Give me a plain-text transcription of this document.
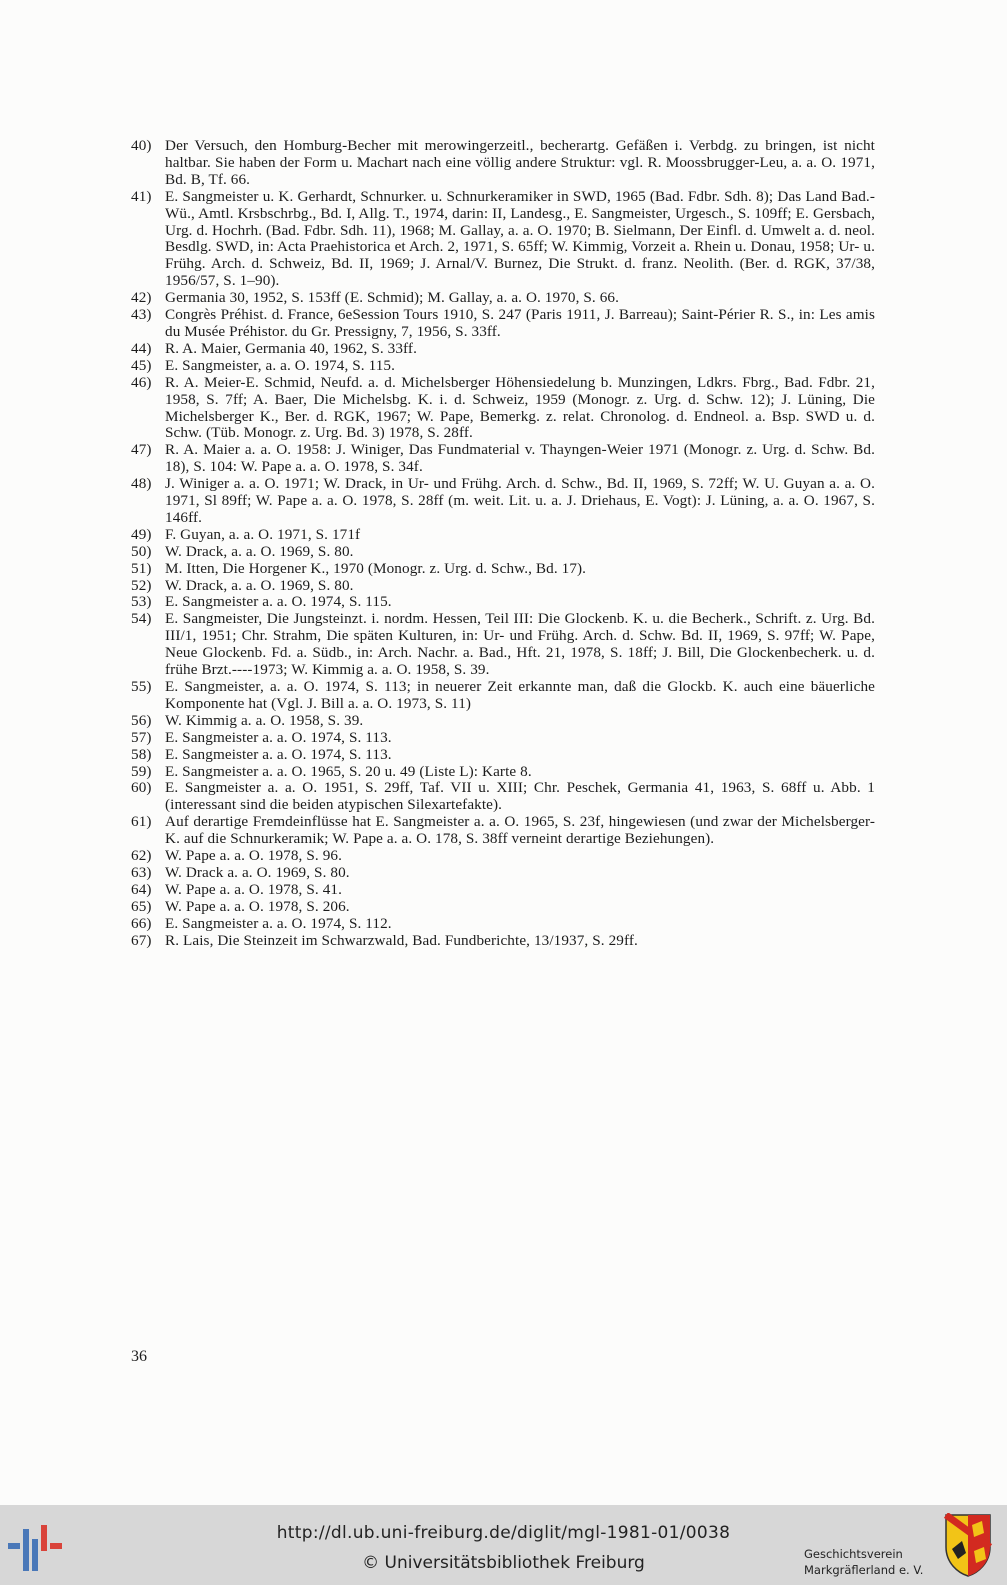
40) Der Versuch, den Homburg-Becher mit merowingerzeitl., becherartg. Gefäßen i. Verbdg. zu bringen, ist nicht haltbar. Sie haben der Form u. Machart nach eine völlig andere Struktur: vgl. R. Moossbrugger-Leu, a. a. O. 1971, Bd. B, Tf. 66.
41) E. Sangmeister u. K. Gerhardt, Schnurker. u. Schnurkeramiker in SWD, 1965 (Bad. Fdbr. Sdh. 8); Das Land Bad.-Wü., Amtl. Krsbschrbg., Bd. I, Allg. T., 1974, darin: II, Landesg., E. Sangmeister, Urgesch., S. 109ff; E. Gersbach, Urg. d. Hochrh. (Bad. Fdbr. Sdh. 11), 1968; M. Gallay, a. a. O. 1970; B. Sielmann, Der Einfl. d. Umwelt a. d. neol. Besdlg. SWD, in: Acta Praehistorica et Arch. 2, 1971, S. 65ff; W. Kimmig, Vorzeit a. Rhein u. Donau, 1958; Ur- u. Frühg. Arch. d. Schweiz, Bd. II, 1969; J. Arnal/V. Burnez, Die Strukt. d. franz. Neolith. (Ber. d. RGK, 37/38, 1956/57, S. 1–90).
42) Germania 30, 1952, S. 153ff (E. Schmid); M. Gallay, a. a. O. 1970, S. 66.
43) Congrès Préhist. d. France, 6eSession Tours 1910, S. 247 (Paris 1911, J. Barreau); Saint-Périer R. S., in: Les amis du Musée Préhistor. du Gr. Pressigny, 7, 1956, S. 33ff.
44) R. A. Maier, Germania 40, 1962, S. 33ff.
45) E. Sangmeister, a. a. O. 1974, S. 115.
46) R. A. Meier-E. Schmid, Neufd. a. d. Michelsberger Höhensiedelung b. Munzingen, Ldkrs. Fbrg., Bad. Fdbr. 21, 1958, S. 7ff; A. Baer, Die Michelsbg. K. i. d. Schweiz, 1959 (Monogr. z. Urg. d. Schw. 12); J. Lüning, Die Michelsberger K., Ber. d. RGK, 1967; W. Pape, Bemerkg. z. relat. Chronolog. d. Endneol. a. Bsp. SWD u. d. Schw. (Tüb. Monogr. z. Urg. Bd. 3) 1978, S. 28ff.
47) R. A. Maier a. a. O. 1958: J. Winiger, Das Fundmaterial v. Thayngen-Weier 1971 (Monogr. z. Urg. d. Schw. Bd. 18), S. 104: W. Pape a. a. O. 1978, S. 34f.
48) J. Winiger a. a. O. 1971; W. Drack, in Ur- und Frühg. Arch. d. Schw., Bd. II, 1969, S. 72ff; W. U. Guyan a. a. O. 1971, Sl 89ff; W. Pape a. a. O. 1978, S. 28ff (m. weit. Lit. u. a. J. Driehaus, E. Vogt): J. Lüning, a. a. O. 1967, S. 146ff.
49) F. Guyan, a. a. O. 1971, S. 171f
50) W. Drack, a. a. O. 1969, S. 80.
51) M. Itten, Die Horgener K., 1970 (Monogr. z. Urg. d. Schw., Bd. 17).
52) W. Drack, a. a. O. 1969, S. 80.
53) E. Sangmeister a. a. O. 1974, S. 115.
54) E. Sangmeister, Die Jungsteinzt. i. nordm. Hessen, Teil III: Die Glockenb. K. u. die Becherk., Schrift. z. Urg. Bd. III/1, 1951; Chr. Strahm, Die späten Kulturen, in: Ur- und Frühg. Arch. d. Schw. Bd. II, 1969, S. 97ff; W. Pape, Neue Glockenb. Fd. a. Südb., in: Arch. Nachr. a. Bad., Hft. 21, 1978, S. 18ff; J. Bill, Die Glockenbecherk. u. d. frühe Brzt.----1973; W. Kimmig a. a. O. 1958, S. 39.
55) E. Sangmeister, a. a. O. 1974, S. 113; in neuerer Zeit erkannte man, daß die Glockb. K. auch eine bäuerliche Komponente hat (Vgl. J. Bill a. a. O. 1973, S. 11)
56) W. Kimmig a. a. O. 1958, S. 39.
57) E. Sangmeister a. a. O. 1974, S. 113.
58) E. Sangmeister a. a. O. 1974, S. 113.
59) E. Sangmeister a. a. O. 1965, S. 20 u. 49 (Liste L): Karte 8.
60) E. Sangmeister a. a. O. 1951, S. 29ff, Taf. VII u. XIII; Chr. Peschek, Germania 41, 1963, S. 68ff u. Abb. 1 (interessant sind die beiden atypischen Silexartefakte).
61) Auf derartige Fremdeinflüsse hat E. Sangmeister a. a. O. 1965, S. 23f, hingewiesen (und zwar der Michelsberger-K. auf die Schnurkeramik; W. Pape a. a. O. 178, S. 38ff verneint derartige Beziehungen).
62) W. Pape a. a. O. 1978, S. 96.
63) W. Drack a. a. O. 1969, S. 80.
64) W. Pape a. a. O. 1978, S. 41.
65) W. Pape a. a. O. 1978, S. 206.
66) E. Sangmeister a. a. O. 1974, S. 112.
67) R. Lais, Die Steinzeit im Schwarzwald, Bad. Fundberichte, 13/1937, S. 29ff.
36
http://dl.ub.uni-freiburg.de/diglit/mgl-1981-01/0038
© Universitätsbibliothek Freiburg	Geschichtsverein
Markgräflerland e. V.
